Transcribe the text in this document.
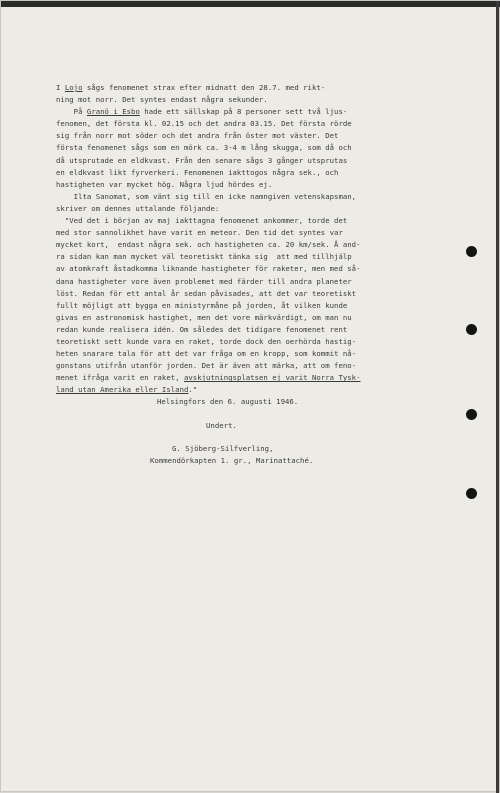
I Lojo sågs fenomenet strax efter midnatt den 28.7. med rikt-

ning mot norr. Det syntes endast några sekunder.

På Granö i Esbo hade ett sällskap på 8 personer sett två ljus-

fenomen, det första kl. 02.15 och det andra 03.15. Det första rörde

sig från norr mot söder och det andra från öster mot väster. Det

första fenomenet sågs som en mörk ca. 3-4 m lång skugga, som då och

då utsprutade en eldkvast. Från den senare sågs 3 gånger utsprutas

en eldkvast likt fyrverkeri. Fenomenen iakttogos några sek., och

hastigheten var mycket hög. Några ljud hördes ej.

Ilta Sanomat, som vänt sig till en icke namngiven vetenskapsman,

skriver om dennes uttalande följande:

"Ved det i början av maj iakttagna fenomenet ankommer, torde det

med stor sannolikhet have varit en meteor. Den tid det syntes var

mycket kort,  endast några sek. och hastigheten ca. 20 km/sek. Å and-

ra sidan kan man mycket väl teoretiskt tänka sig  att med tillhjälp

av atomkraft åstadkomma liknande hastigheter för raketer, men med så-

dana hastigheter vore även problemet med färder till andra planeter

löst. Redan för ett antal år sedan påvisades, att det var teoretiskt

fullt möjligt att bygga en ministyrmåne på jorden, åt vilken kunde

givas en astronomisk hastighet, men det vore märkvärdigt, om man nu

redan kunde realisera idén. Om således det tidigare fenomenet rent

teoretiskt sett kunde vara en raket, torde dock den oerhörda hastig-

heten snarare tala för att det var fråga om en kropp, som kommit nå-

gonstans utifrån utanför jorden. Det är även att märka, att om feno-

menet ifråga varit en raket, avskjutningsplatsen ej varit Norra Tysk-

land utan Amerika eller Island."

Helsingfors den 6. augusti 1946.

Undert.

G. Sjöberg-Silfverling,

Kommendörkapten 1. gr., Marinattaché.
